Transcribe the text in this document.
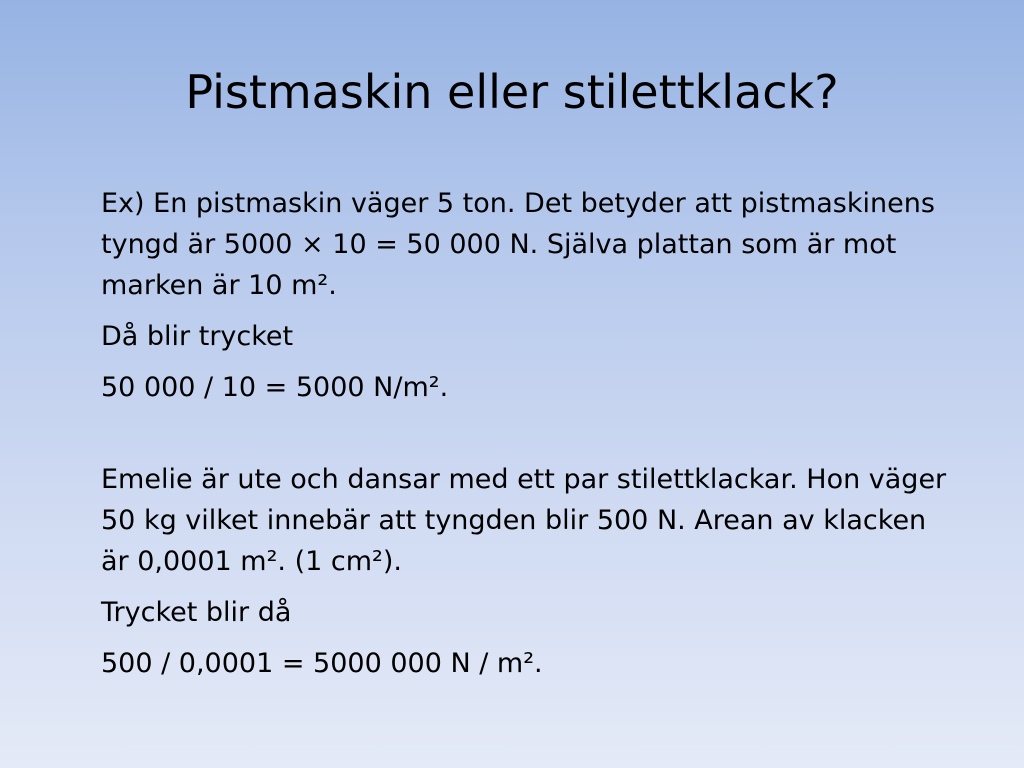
Pistmaskin eller stilettklack?

Ex) En pistmaskin väger 5 ton. Det betyder att pistmaskinens tyngd är 5000 × 10 = 50 000 N. Själva plattan som är mot marken är 10 m².

Då blir trycket

50 000 / 10 = 5000 N/m².

Emelie är ute och dansar med ett par stilettklackar. Hon väger 50 kg vilket innebär att tyngden blir 500 N. Arean av klacken är 0,0001 m². (1 cm²).

Trycket blir då

500 / 0,0001 = 5000 000 N / m².
